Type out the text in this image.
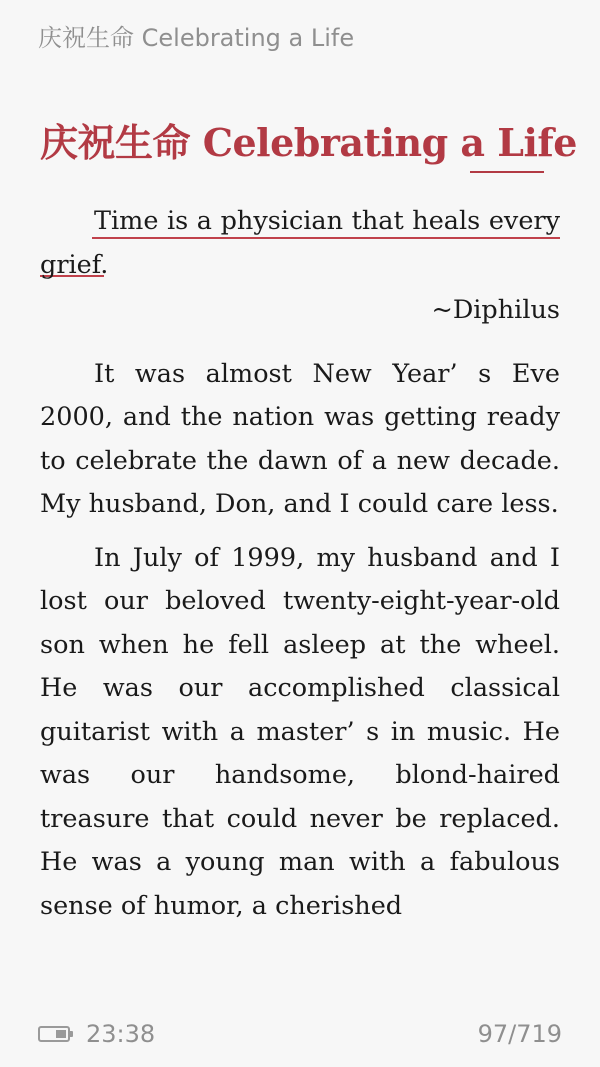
庆祝生命 Celebrating a Life
庆祝生命 Celebrating a Life

Time is a physician that heals every grief.

~Diphilus

It was almost New Year’ s Eve 2000, and the nation was getting ready to celebrate the dawn of a new decade. My husband, Don, and I could care less.

In July of 1999, my husband and I lost our beloved twenty-eight-year-old son when he fell asleep at the wheel. He was our accomplished classical guitarist with a master’ s in music. He was our handsome, blond-haired treasure that could never be replaced. He was a young man with a fabulous sense of humor, a cherished

23:38	97/719
